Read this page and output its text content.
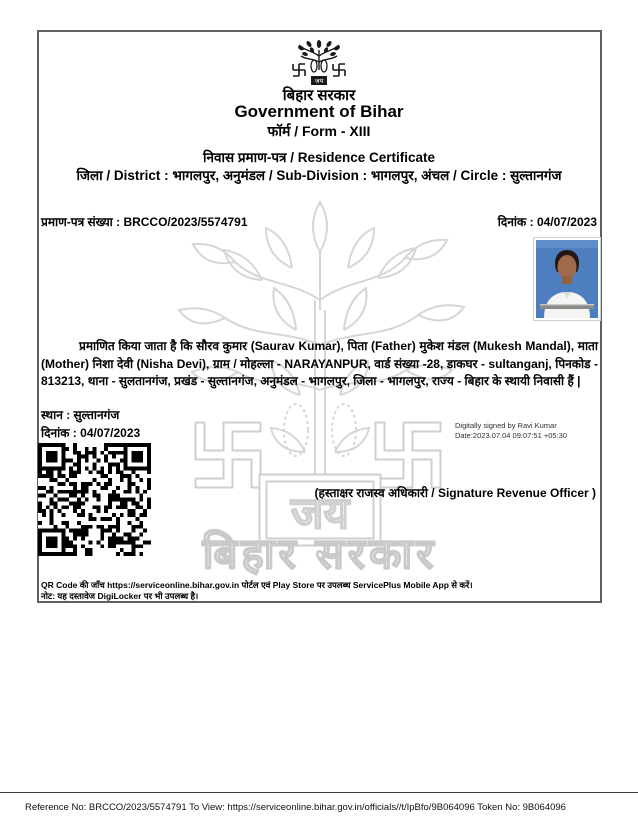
जय
बिहार सरकार
जय
बिहार सरकार
Government of Bihar
फॉर्म / Form - XIII
निवास प्रमाण-पत्र / Residence Certificate
जिला / District : भागलपुर, अनुमंडल / Sub-Division : भागलपुर, अंचल / Circle : सुल्तानगंज
प्रमाण-पत्र संख्या : BRCCO/2023/5574791	दिनांक : 04/07/2023

प्रमाणित किया जाता है कि सौरव कुमार (Saurav Kumar), पिता (Father) मुकेश मंडल (Mukesh Mandal), माता (Mother) निशा देवी (Nisha Devi), ग्राम / मोहल्ला - NARAYANPUR, वार्ड संख्या -28, डाकघर - sultanganj, पिनकोड - 813213, थाना - सुलतानगंज, प्रखंड - सुल्तानगंज, अनुमंडल - भागलपुर, जिला - भागलपुर, राज्य - बिहार के स्थायी निवासी हैं |

स्थान : सुल्तानगंज
दिनांक : 04/07/2023
Digitally signed by Ravi Kumar
Date:2023.07.04 09:07:51 +05:30
(हस्ताक्षर राजस्व अधिकारी / Signature Revenue Officer )
QR Code की जाँच https://serviceonline.bihar.gov.in पोर्टल एवं Play Store पर उपलब्ध ServicePlus Mobile App से करें।
नोट: यह दस्तावेज DigiLocker पर भी उपलब्ध है।
Reference No: BRCCO/2023/5574791 To View: https://serviceonline.bihar.gov.in/officials//t/IpBfo/9B064096 Token No: 9B064096
